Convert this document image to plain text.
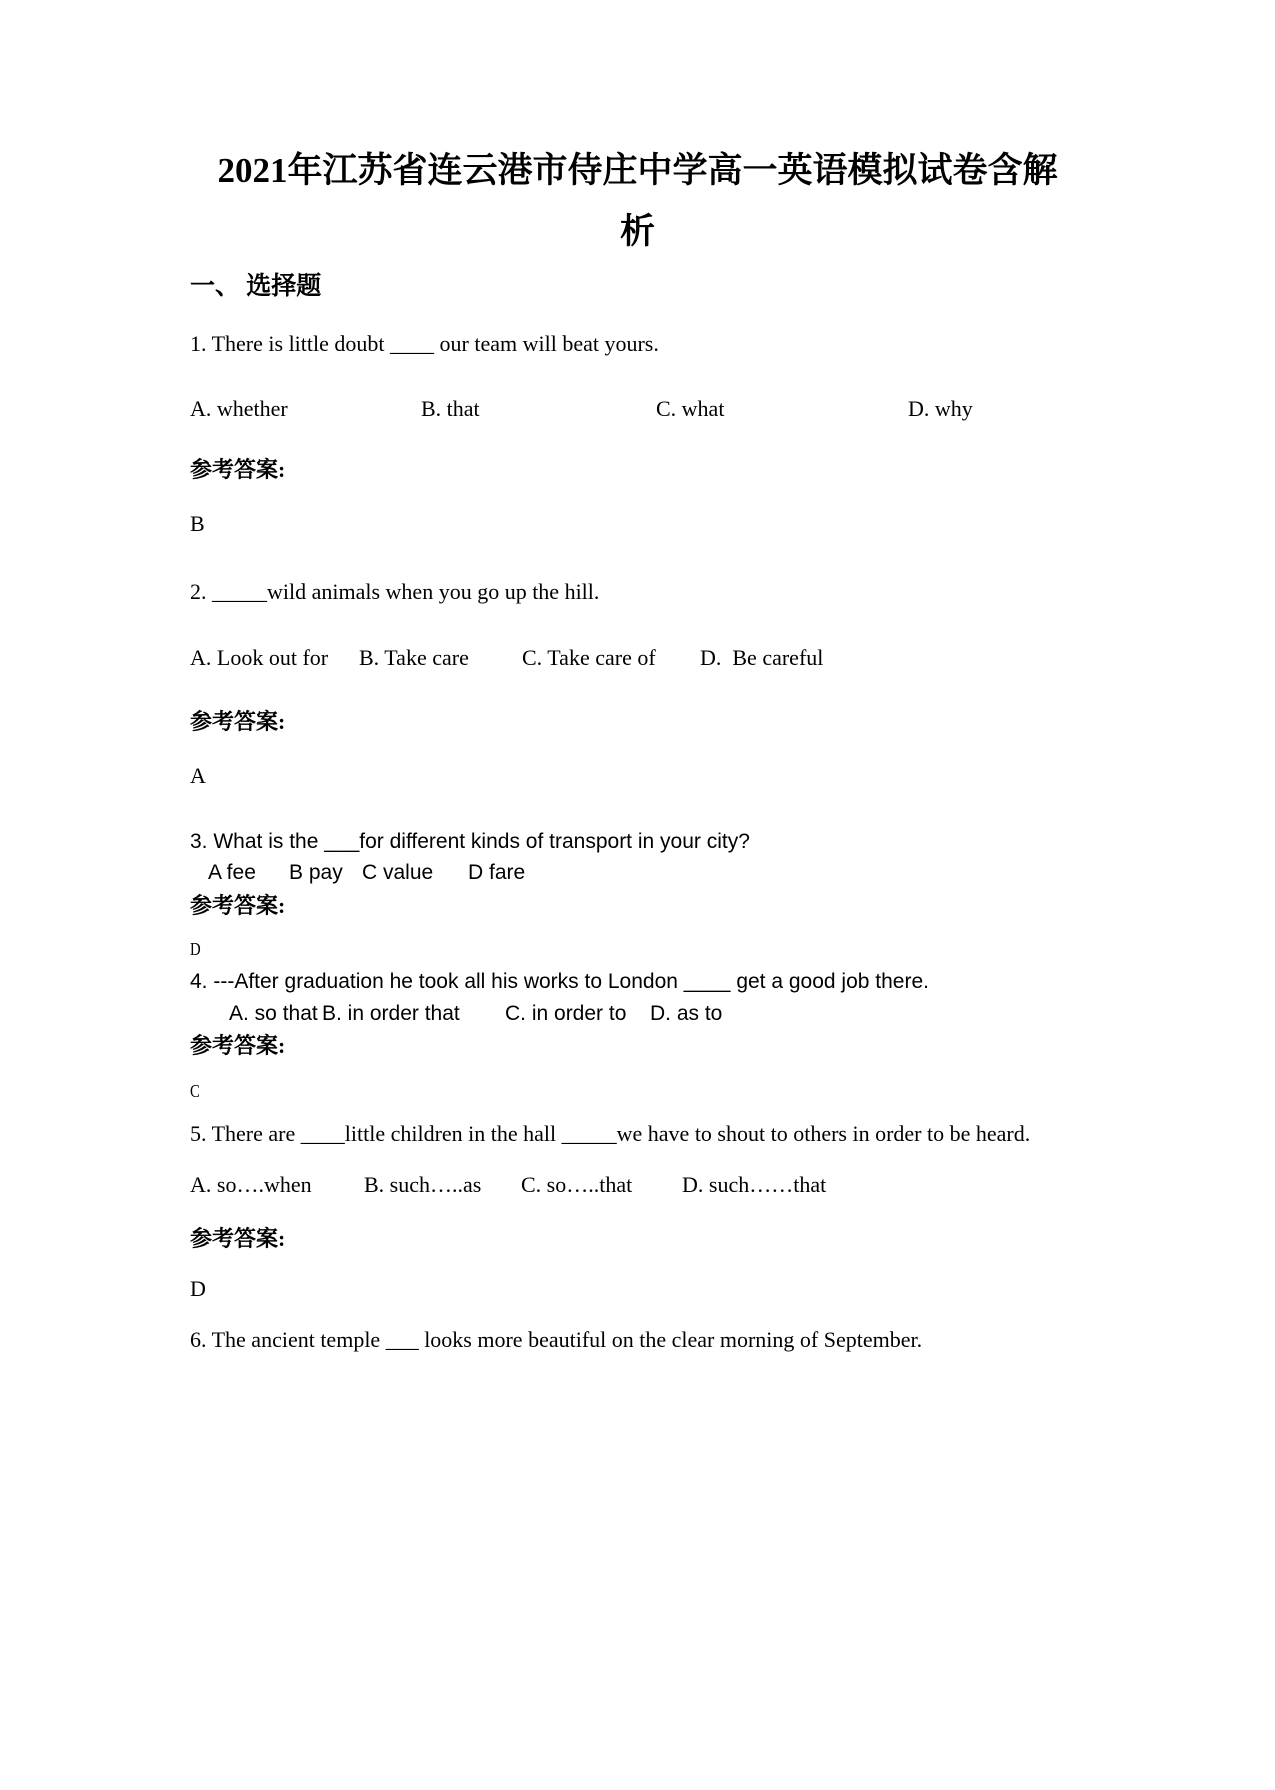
2021年江苏省连云港市侍庄中学高一英语模拟试卷含解析
一、 选择题

1. There is little doubt ____ our team will beat yours.

A. whether	B. that	C. what	D. why

参考答案:

B

2. _____wild animals when you go up the hill.

A. Look out for	B. Take care	C. Take care of	D.  Be careful

参考答案:

A

3. What is the ___for different kinds of transport in your city?

A fee	B pay C value	D fare

参考答案:

D

4. ---After graduation he took all his works to London ____ get a good job there.

A. so that B. in order that	C. in order to	D. as to

参考答案:

C

5. There are ____little children in the hall _____we have to shout to others in order to be heard.

A. so….when	B. such…..as	C. so…..that	D. such……that

参考答案:

D

6. The ancient temple ___ looks more beautiful on the clear morning of September.
